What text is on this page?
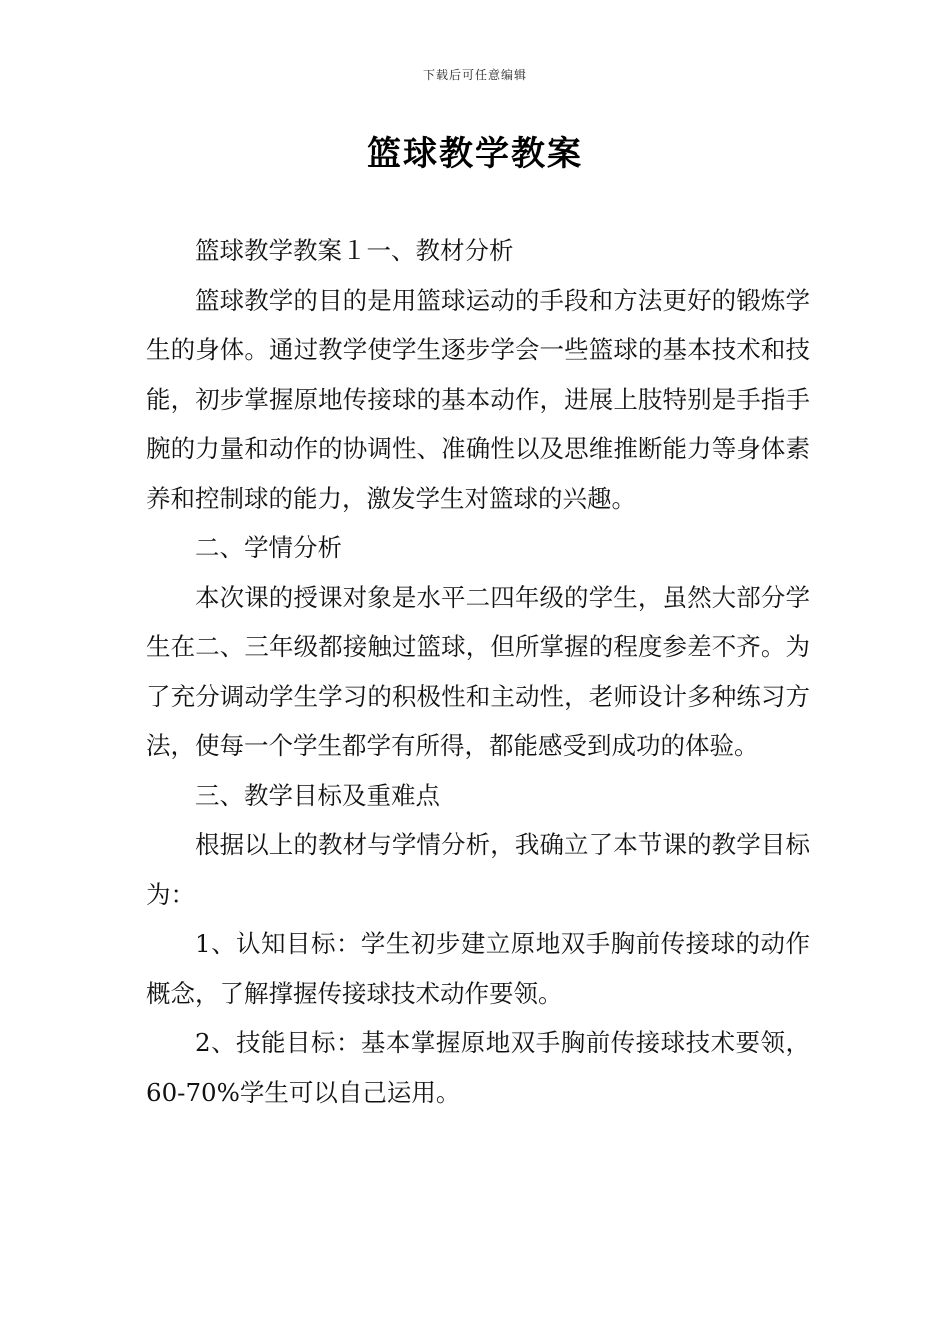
下载后可任意编辑
篮球教学教案

篮球教学教案１一、教材分析

篮球教学的目的是用篮球运动的手段和方法更好的锻炼学生的身体。通过教学使学生逐步学会一些篮球的基本技术和技能，初步掌握原地传接球的基本动作，进展上肢特别是手指手腕的力量和动作的协调性、准确性以及思维推断能力等身体素养和控制球的能力，激发学生对篮球的兴趣。

二、学情分析

本次课的授课对象是水平二四年级的学生，虽然大部分学生在二、三年级都接触过篮球，但所掌握的程度参差不齐。为了充分调动学生学习的积极性和主动性，老师设计多种练习方法，使每一个学生都学有所得，都能感受到成功的体验。

三、教学目标及重难点

根据以上的教材与学情分析，我确立了本节课的教学目标为：

1、认知目标：学生初步建立原地双手胸前传接球的动作概念，了解撑握传接球技术动作要领。

2、技能目标：基本掌握原地双手胸前传接球技术要领，60-70%学生可以自己运用。
